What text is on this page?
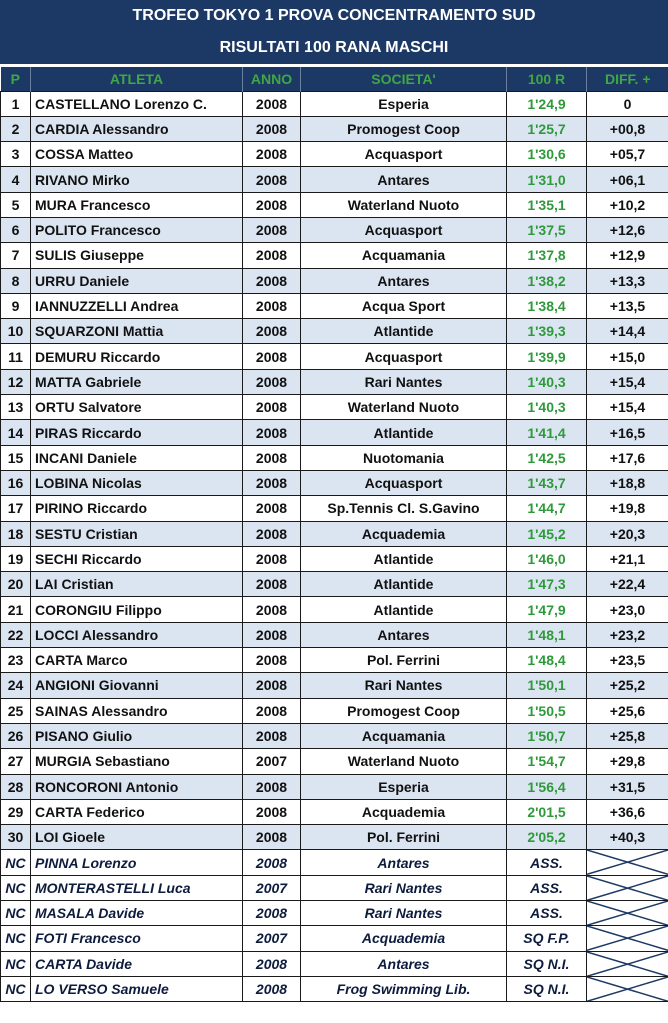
TROFEO TOKYO 1 PROVA CONCENTRAMENTO SUD
RISULTATI 100 RANA MASCHI
P	ATLETA	ANNO	SOCIETA'	100 R	DIFF. +
1	CASTELLANO Lorenzo C.	2008	Esperia	1'24,9	0
2	CARDIA Alessandro	2008	Promogest Coop	1'25,7	+00,8
3	COSSA Matteo	2008	Acquasport	1'30,6	+05,7
4	RIVANO Mirko	2008	Antares	1'31,0	+06,1
5	MURA Francesco	2008	Waterland Nuoto	1'35,1	+10,2
6	POLITO Francesco	2008	Acquasport	1'37,5	+12,6
7	SULIS Giuseppe	2008	Acquamania	1'37,8	+12,9
8	URRU Daniele	2008	Antares	1'38,2	+13,3
9	IANNUZZELLI Andrea	2008	Acqua Sport	1'38,4	+13,5
10	SQUARZONI Mattia	2008	Atlantide	1'39,3	+14,4
11	DEMURU Riccardo	2008	Acquasport	1'39,9	+15,0
12	MATTA Gabriele	2008	Rari Nantes	1'40,3	+15,4
13	ORTU Salvatore	2008	Waterland Nuoto	1'40,3	+15,4
14	PIRAS Riccardo	2008	Atlantide	1'41,4	+16,5
15	INCANI Daniele	2008	Nuotomania	1'42,5	+17,6
16	LOBINA Nicolas	2008	Acquasport	1'43,7	+18,8
17	PIRINO Riccardo	2008	Sp.Tennis Cl. S.Gavino	1'44,7	+19,8
18	SESTU Cristian	2008	Acquademia	1'45,2	+20,3
19	SECHI Riccardo	2008	Atlantide	1'46,0	+21,1
20	LAI Cristian	2008	Atlantide	1'47,3	+22,4
21	CORONGIU Filippo	2008	Atlantide	1'47,9	+23,0
22	LOCCI Alessandro	2008	Antares	1'48,1	+23,2
23	CARTA Marco	2008	Pol. Ferrini	1'48,4	+23,5
24	ANGIONI Giovanni	2008	Rari Nantes	1'50,1	+25,2
25	SAINAS Alessandro	2008	Promogest Coop	1'50,5	+25,6
26	PISANO Giulio	2008	Acquamania	1'50,7	+25,8
27	MURGIA Sebastiano	2007	Waterland Nuoto	1'54,7	+29,8
28	RONCORONI Antonio	2008	Esperia	1'56,4	+31,5
29	CARTA Federico	2008	Acquademia	2'01,5	+36,6
30	LOI Gioele	2008	Pol. Ferrini	2'05,2	+40,3
NC	PINNA Lorenzo	2008	Antares	ASS.	

NC	MONTERASTELLI Luca	2007	Rari Nantes	ASS.	

NC	MASALA Davide	2008	Rari Nantes	ASS.	

NC	FOTI Francesco	2007	Acquademia	SQ F.P.	

NC	CARTA Davide	2008	Antares	SQ N.I.	

NC	LO VERSO Samuele	2008	Frog Swimming Lib.	SQ N.I.	
